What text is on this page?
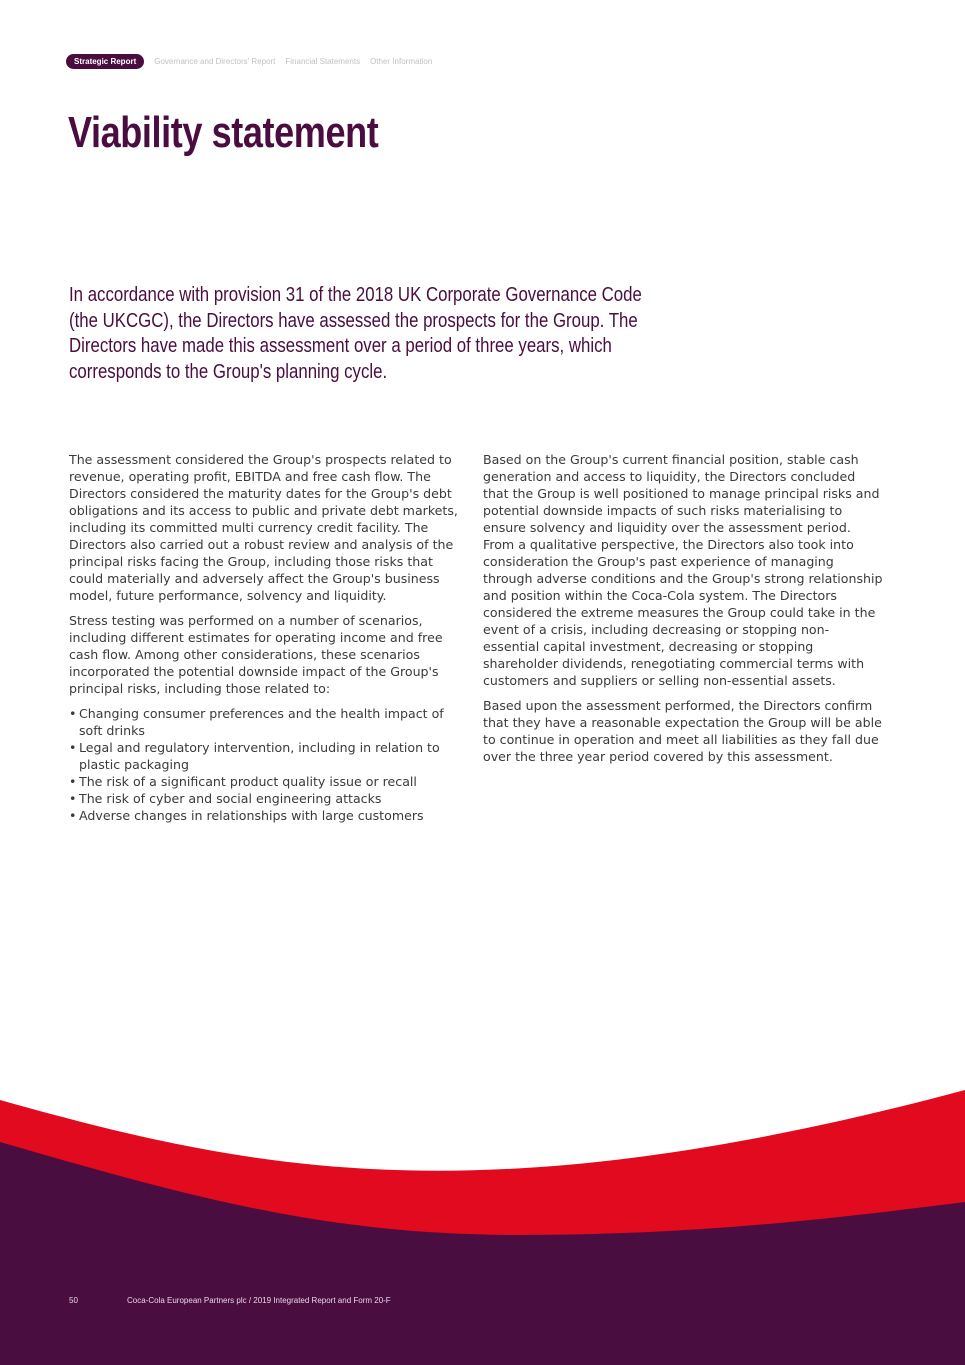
Strategic Report	Governance and Directors' Report Financial Statements Other Information
Viability statement

In accordance with provision 31 of the 2018 UK Corporate Governance Code (the UKCGC), the Directors have assessed the prospects for the Group. The Directors have made this assessment over a period of three years, which corresponds to the Group's planning cycle.

The assessment considered the Group's prospects related to revenue, operating profit, EBITDA and free cash flow. The Directors considered the maturity dates for the Group's debt obligations and its access to public and private debt markets, including its committed multi currency credit facility. The Directors also carried out a robust review and analysis of the principal risks facing the Group, including those risks that could materially and adversely affect the Group's business model, future performance, solvency and liquidity.

Stress testing was performed on a number of scenarios, including different estimates for operating income and free cash flow. Among other considerations, these scenarios incorporated the potential downside impact of the Group's principal risks, including those related to:

• Changing consumer preferences and the health impact of soft drinks
• Legal and regulatory intervention, including in relation to plastic packaging
• The risk of a significant product quality issue or recall
• The risk of cyber and social engineering attacks
• Adverse changes in relationships with large customers

Based on the Group's current financial position, stable cash generation and access to liquidity, the Directors concluded that the Group is well positioned to manage principal risks and potential downside impacts of such risks materialising to ensure solvency and liquidity over the assessment period. From a qualitative perspective, the Directors also took into consideration the Group's past experience of managing through adverse conditions and the Group's strong relationship and position within the Coca-Cola system. The Directors considered the extreme measures the Group could take in the event of a crisis, including decreasing or stopping non-essential capital investment, decreasing or stopping shareholder dividends, renegotiating commercial terms with customers and suppliers or selling non-essential assets.

Based upon the assessment performed, the Directors confirm that they have a reasonable expectation the Group will be able to continue in operation and meet all liabilities as they fall due over the three year period covered by this assessment.

50	Coca-Cola European Partners plc / 2019 Integrated Report and Form 20-F
